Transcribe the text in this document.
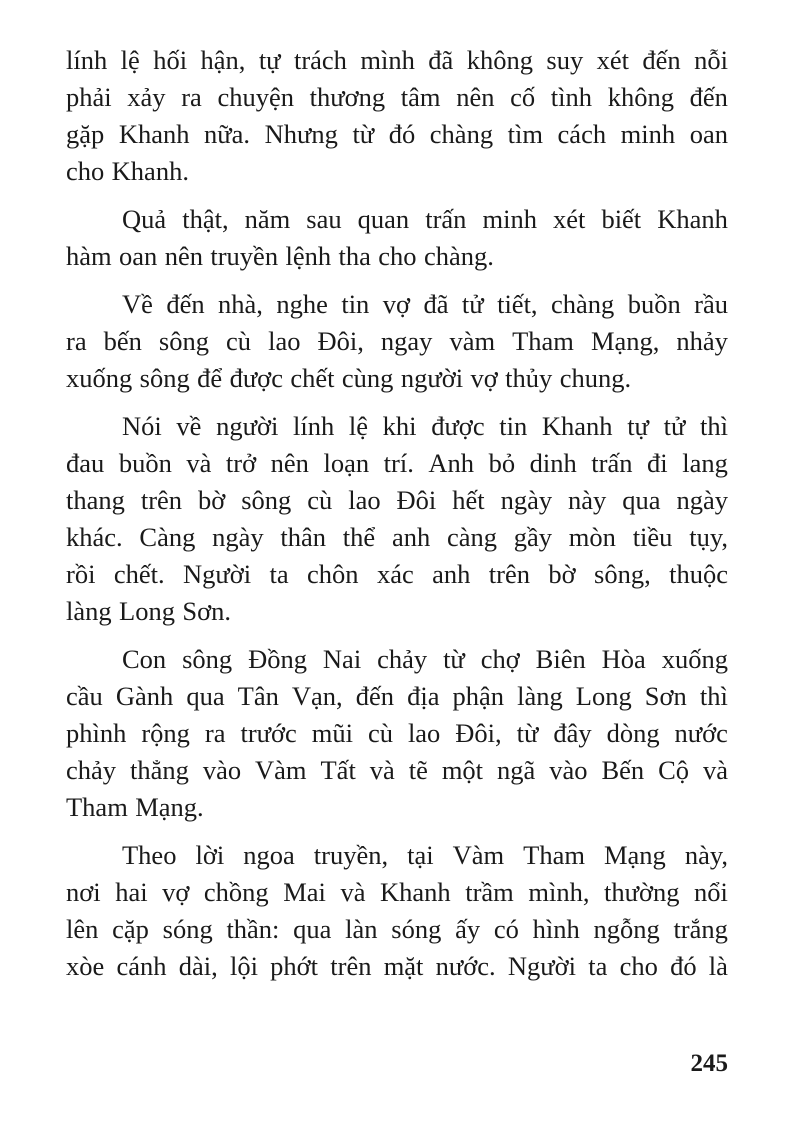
lính lệ hối hận, tự trách mình đã không suy xét đến nỗi
phải xảy ra chuyện thương tâm nên cố tình không đến
gặp Khanh nữa. Nhưng từ đó chàng tìm cách minh oan
cho Khanh.
Quả thật, năm sau quan trấn minh xét biết Khanh
hàm oan nên truyền lệnh tha cho chàng.
Về đến nhà, nghe tin vợ đã tử tiết, chàng buồn rầu
ra bến sông cù lao Đôi, ngay vàm Tham Mạng, nhảy
xuống sông để được chết cùng người vợ thủy chung.
Nói về người lính lệ khi được tin Khanh tự tử thì
đau buồn và trở nên loạn trí. Anh bỏ dinh trấn đi lang
thang trên bờ sông cù lao Đôi hết ngày này qua ngày
khác. Càng ngày thân thể anh càng gầy mòn tiều tụy,
rồi chết. Người ta chôn xác anh trên bờ sông, thuộc
làng Long Sơn.
Con sông Đồng Nai chảy từ chợ Biên Hòa xuống
cầu Gành qua Tân Vạn, đến địa phận làng Long Sơn thì
phình rộng ra trước mũi cù lao Đôi, từ đây dòng nước
chảy thẳng vào Vàm Tất và tẽ một ngã vào Bến Cộ và
Tham Mạng.
Theo lời ngoa truyền, tại Vàm Tham Mạng này,
nơi hai vợ chồng Mai và Khanh trầm mình, thường nổi
lên cặp sóng thần: qua làn sóng ấy có hình ngỗng trắng
xòe cánh dài, lội phớt trên mặt nước. Người ta cho đó là
245
